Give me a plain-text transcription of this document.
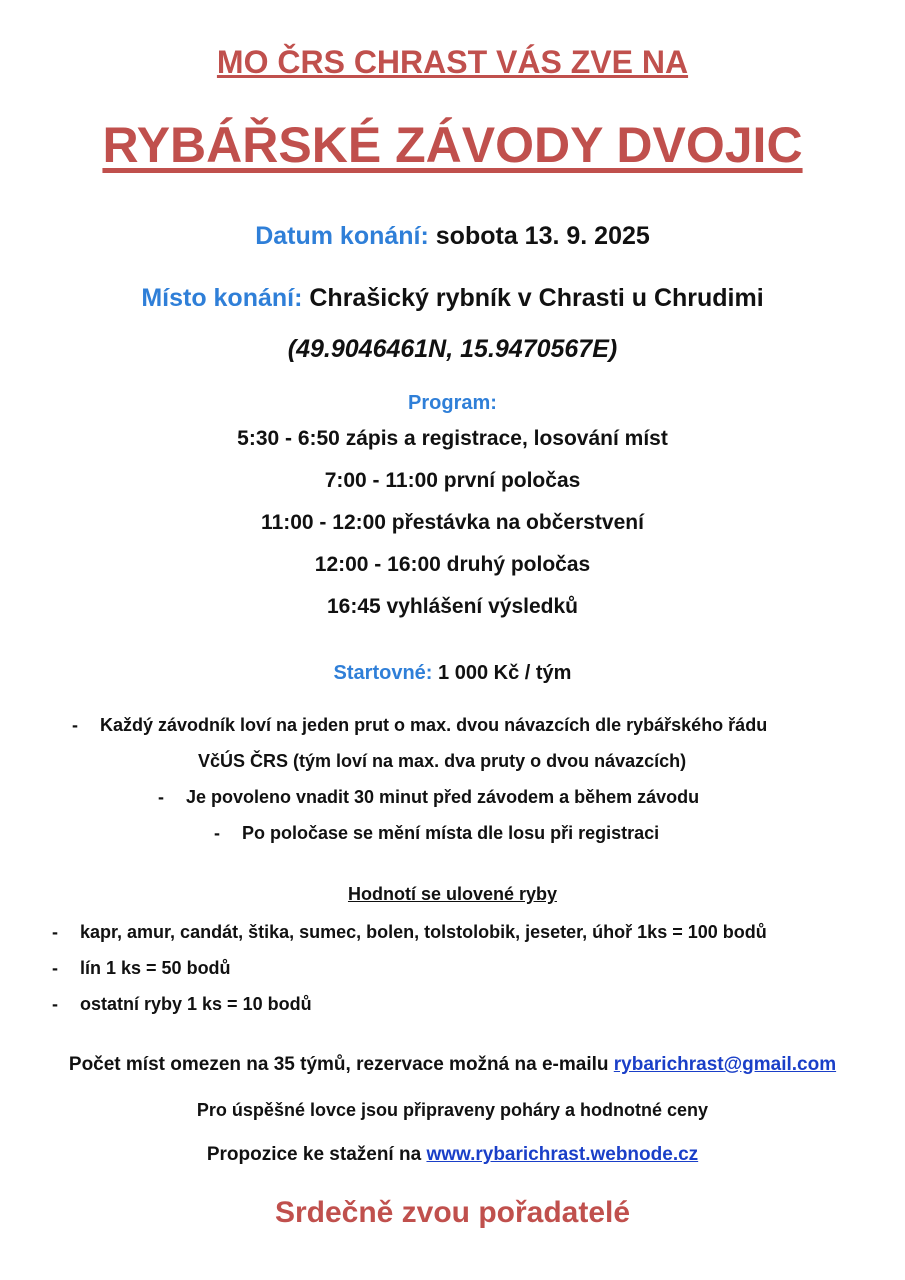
MO ČRS CHRAST VÁS ZVE NA
RYBÁŘSKÉ ZÁVODY DVOJIC
Datum konání: sobota 13. 9. 2025
Místo konání: Chrašický rybník v Chrasti u Chrudimi
(49.9046461N, 15.9470567E)
Program:
5:30 - 6:50 zápis a registrace, losování míst
7:00 - 11:00 první poločas
11:00 - 12:00 přestávka na občerstvení
12:00 - 16:00 druhý poločas
16:45 vyhlášení výsledků
Startovné: 1 000 Kč / tým
- Každý závodník loví na jeden prut o max. dvou návazcích dle rybářského řádu
VčÚS ČRS (tým loví na max. dva pruty o dvou návazcích)
- Je povoleno vnadit 30 minut před závodem a během závodu
- Po poločase se mění místa dle losu při registraci
Hodnotí se ulovené ryby
- kapr, amur, candát, štika, sumec, bolen, tolstolobik, jeseter, úhoř 1ks = 100 bodů
- lín 1 ks = 50 bodů
- ostatní ryby 1 ks = 10 bodů
Počet míst omezen na 35 týmů, rezervace možná na e-mailu rybarichrast@gmail.com
Pro úspěšné lovce jsou připraveny poháry a hodnotné ceny
Propozice ke stažení na www.rybarichrast.webnode.cz
Srdečně zvou pořadatelé
